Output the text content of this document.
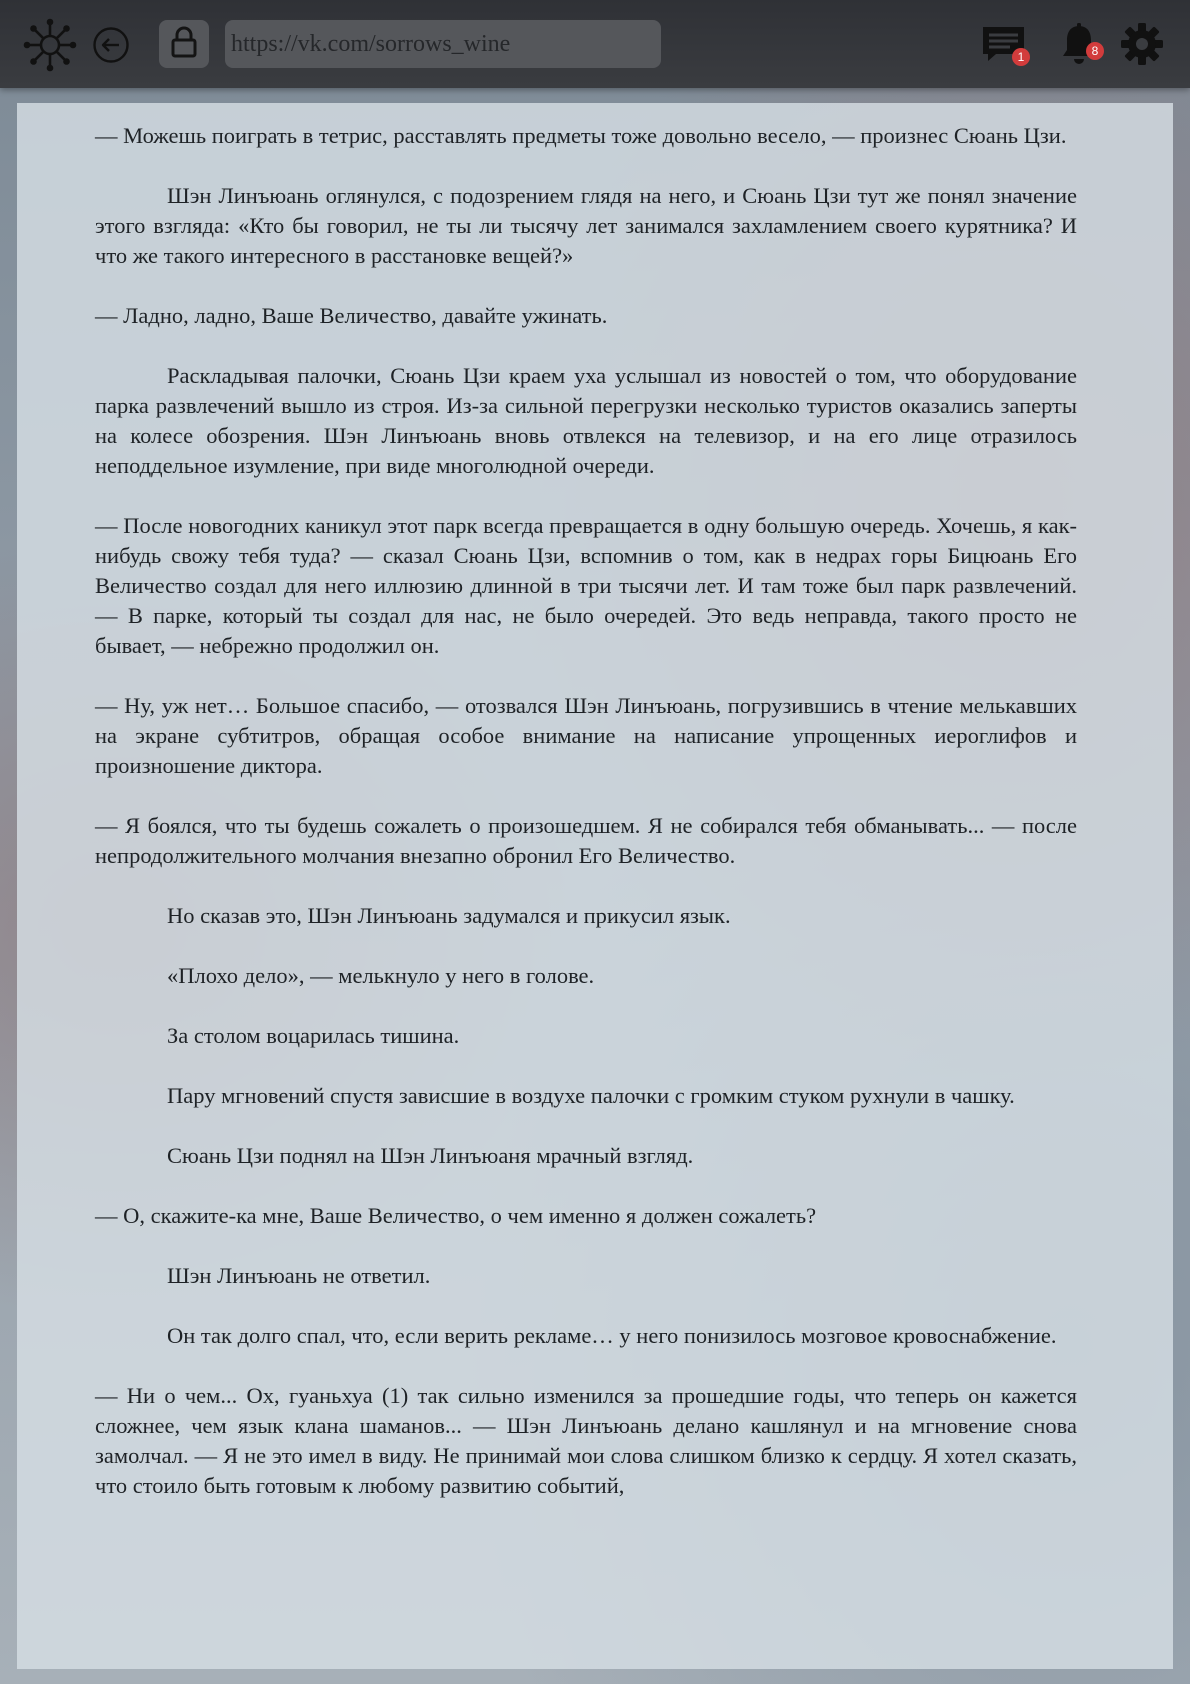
https://vk.com/sorrows_wine
1	8

— Можешь поиграть в тетрис, расставлять предметы тоже довольно весело, — произнес Сюань Цзи.

Шэн Линъюань оглянулся, с подозрением глядя на него, и Сюань Цзи тут же понял значение этого взгляда: «Кто бы говорил, не ты ли тысячу лет занимался захламлением своего курятника? И что же такого интересного в расстановке вещей?»

— Ладно, ладно, Ваше Величество, давайте ужинать.

Раскладывая палочки, Сюань Цзи краем уха услышал из новостей о том, что оборудование парка развлечений вышло из строя. Из-за сильной перегрузки несколько туристов оказались заперты на колесе обозрения. Шэн Линъюань вновь отвлекся на телевизор, и на его лице отразилось неподдельное изумление, при виде многолюдной очереди.

— После новогодних каникул этот парк всегда превращается в одну большую очередь. Хочешь, я как-нибудь свожу тебя туда? — сказал Сюань Цзи, вспомнив о том, как в недрах горы Бицюань Его Величество создал для него иллюзию длинной в три тысячи лет. И там тоже был парк развлечений. — В парке, который ты создал для нас, не было очередей. Это ведь неправда, такого просто не бывает, — небрежно продолжил он.

— Ну, уж нет… Большое спасибо, — отозвался Шэн Линъюань, погрузившись в чтение мелькавших на экране субтитров, обращая особое внимание на написание упрощенных иероглифов и произношение диктора.

— Я боялся, что ты будешь сожалеть о произошедшем. Я не собирался тебя обманывать... — после непродолжительного молчания внезапно обронил Его Величество.

Но сказав это, Шэн Линъюань задумался и прикусил язык.

«Плохо дело», — мелькнуло у него в голове.

За столом воцарилась тишина.

Пару мгновений спустя зависшие в воздухе палочки с громким стуком рухнули в чашку.

Сюань Цзи поднял на Шэн Линъюаня мрачный взгляд.

— О, скажите-ка мне, Ваше Величество, о чем именно я должен сожалеть?

Шэн Линъюань не ответил.

Он так долго спал, что, если верить рекламе… у него понизилось мозговое кровоснабжение.

— Ни о чем... Ох, гуаньхуа (1) так сильно изменился за прошедшие годы, что теперь он кажется сложнее, чем язык клана шаманов... — Шэн Линъюань делано кашлянул и на мгновение снова замолчал. — Я не это имел в виду. Не принимай мои слова слишком близко к сердцу. Я хотел сказать, что стоило быть готовым к любому развитию событий,
